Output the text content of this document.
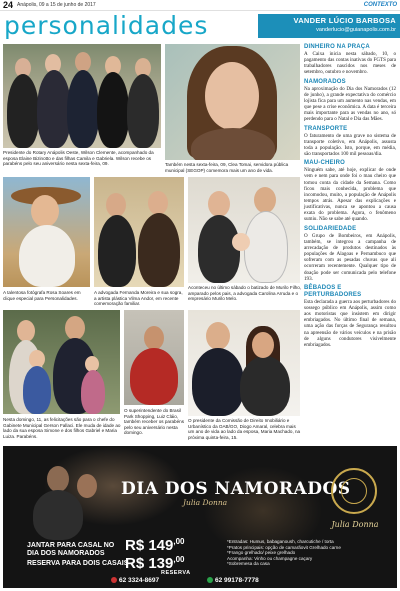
24 Anápolis, 09 a 15 de junho de 2017	CONTEXTO
personalidades	VANDER LÚCIO BARBOSA
vanderlucio@guianapolis.com.br
Presidente do Rotary Anápolis Oeste, Wilson Clemente, acompanhado da esposa Elaine Bizinotto e das filhas Camila e Gabriela. Wilson recebe os parabéns pelo seu aniversário nesta sexta-feira, 09.	Também nesta sexta-feira, 09, Clea Tomai, servidora pública municipal (SEGOP) comemora mais um ano de vida.
A talentosa fotógrafa Rosa Soares em clique especial para Personalidades.
A advogada Fernanda Moreira e sua sogra, a artista plástica Vilma Andor, em recente comemoração familiar.
Aconteceu no último sábado o batizado de Murilo Filho, amparado pelos pais, a advogada Carolina Arruda e o empresário Murilo Melo.
Nesta domingo, 11, as felicitações são para o chefe do Gabinete Municipal Gerson Fallaci. Ele muda de idade ao lado da sua esposa Simone e dos filhos Gabriel e Maria Luiza. Parabéns.
O superintendente do Brasil Park Shopping, Luiz Cláio, também receber os parabéns pelo seu aniversário nesta domingo.
O presidente da Comissão de Direito Imobiliário e Urbanístico da OAB/GO, Diogo Amaral, celebra mais um ano de vida ao lado da esposa, Maria Machado, na próxima quinta-feira, 15.
DINHEIRO NA PRAÇA

A Caixa inicia nesta sábado, 10, o pagamento das contas inativas do FGTS para trabalhadores nascidos nos meses de setembro, outubro e novembro.

NAMORADOS

Na aproximação do Dia dos Namorados (12 de junho), a grande expectativa do comércio lojista fica para um aumento nas vendas, em que pese a crise econômica. A data é terceira mais importante para as vendas no ano, só perdendo para o Natal e Dia das Mães.

TRANSPORTE

O faturamento de uma grave no sistema de transporte coletivo, em Anápolis, assusta toda a população. Isto, porque, em média, são transportados 100 mil pessoas/dia.

MAU-CHEIRO

Ninguém sabe, até hoje, explicar de onde vem e nem para onde foi o mau cheiro que tomou conta da cidade da Semana. Como ficou mais conhecida, problema que incomodou, muito, a população de Anápolis tempos atrás. Apesar das explicações e justificativas, nunca se apontou a causa exata do problema. Agora, o fenômeno sumiu. Não se sabe até quando.

SOLIDARIEDADE

O Grupo de Bombeiros, em Anápolis, também, se integrou a campanha de arrecadação de produtos destinados às populações de Alagoas e Pernambuco que sofreram com as pesadas chuvas que ali ocorreram recentemente. Qualquer tipo de doação pode ser comunicada pelo telefone 193.

BÊBADOS E PERTURBADORES

Esta declarada a guerra aos perturbadores do sossego público em Anápolis, assim como aos motoristas que insistem em dirigir embriagados. No último final de semana, uma ação das forças de Segurança resultou na apreensão de vários veículos e na prisão de alguns condutores visivelmente embriagados.

DIA DOS NAMORADOS
Julia Donna
JANTAR PARA CASAL NO
DIA DOS NAMORADOS
RESERVA PARA DOIS CASAIS
R$ $149^{,00}$
R$ $139^{,00}$
*Entradas: Humus, babaganoush, charcutiche / torta
*Pratos principais: opção de camarãovit Grelhado carne
*Frango grelhado/ peixe grelhado
Acompanha: Vinho ou champagne caçary
*Sobremesa da casa
RESERVA
62 3324-8697	62 99178-7778
Julia Donna
